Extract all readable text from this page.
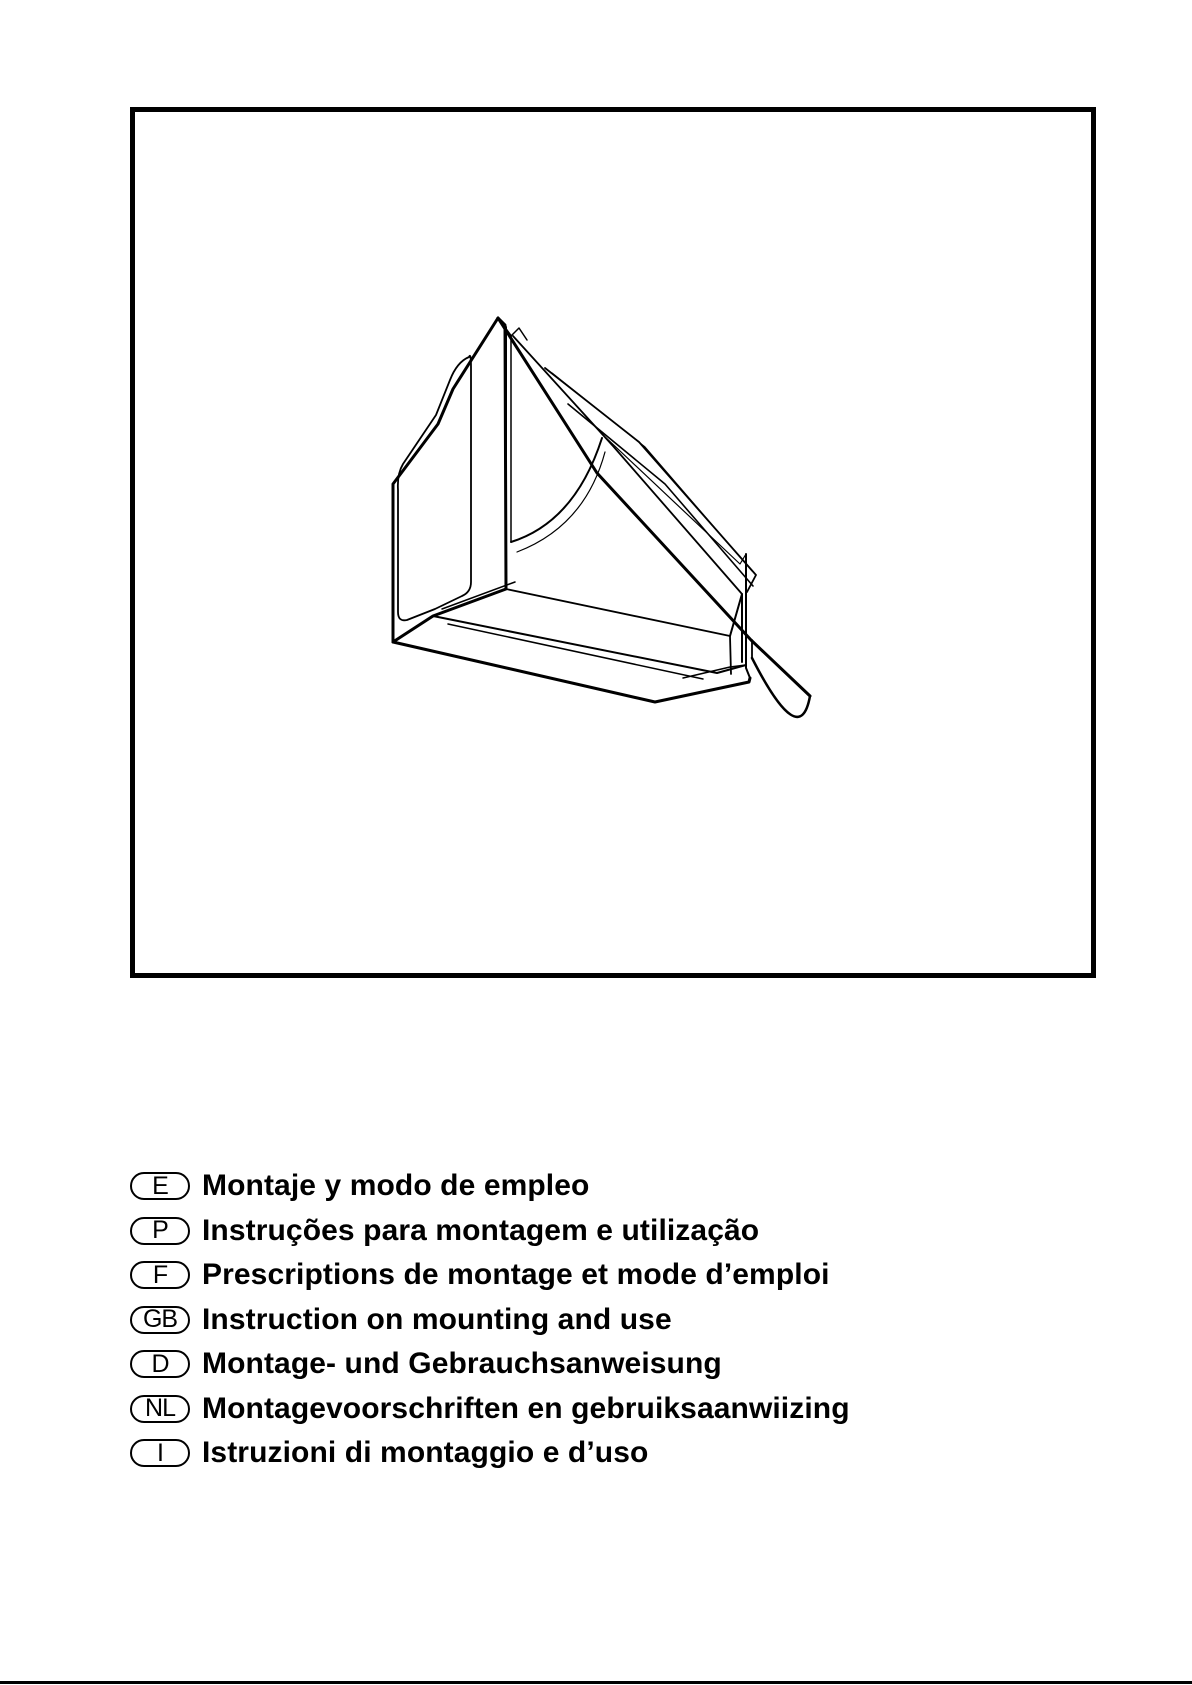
E	Montaje y modo de empleo
P	Instruções para montagem e utilização
F	Prescriptions de montage et mode d’emploi
GB Instruction on mounting and use
D	Montage- und Gebrauchsanweisung
NL Montagevoorschriften en gebruiksaanwiizing
I	Istruzioni di montaggio e d’uso
